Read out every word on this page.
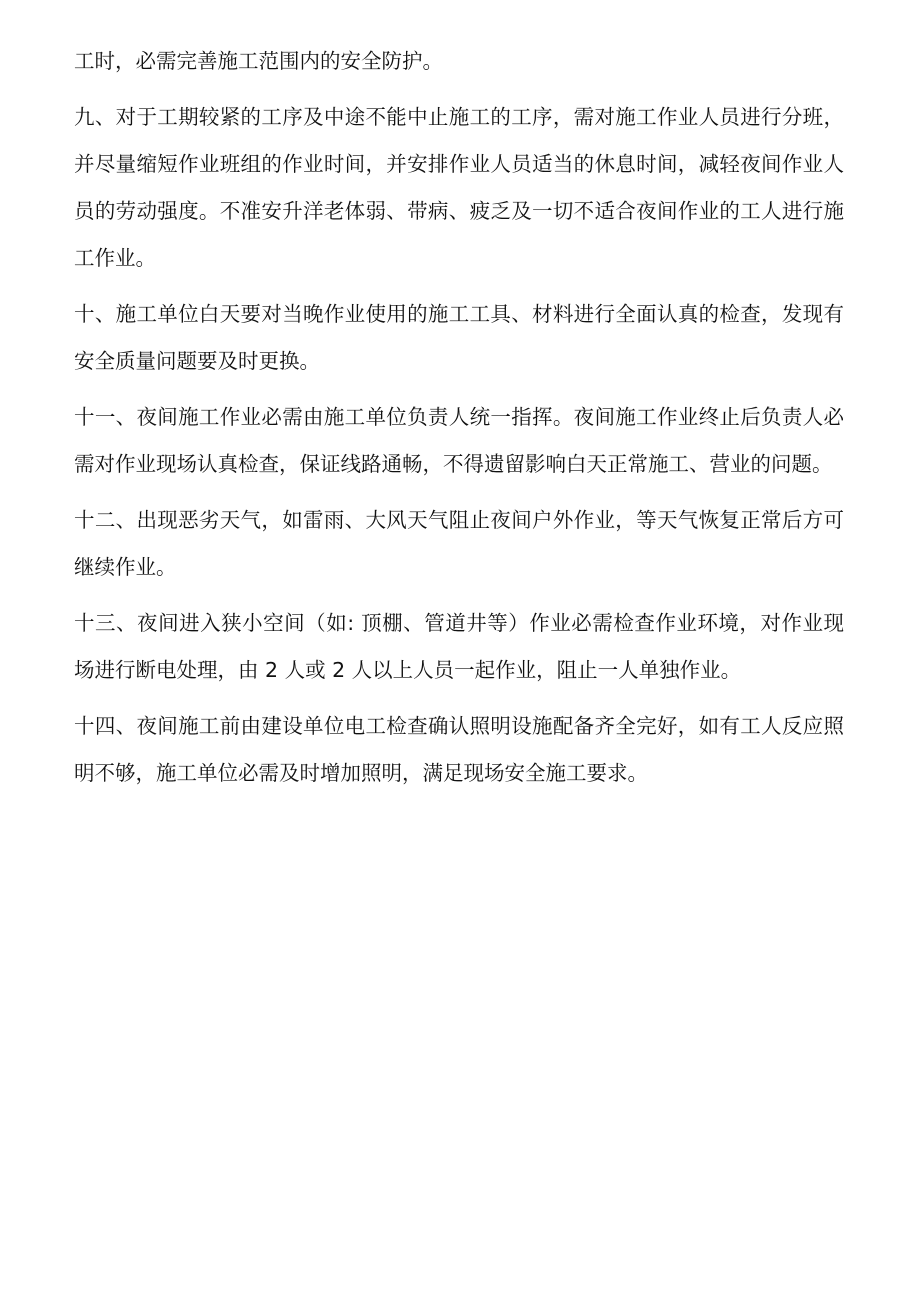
工时，必需完善施工范围内的安全防护。

九、对于工期较紧的工序及中途不能中止施工的工序，需对施工作业人员进行分班，并尽量缩短作业班组的作业时间，并安排作业人员适当的休息时间，减轻夜间作业人员的劳动强度。不准安升洋老体弱、带病、疲乏及一切不适合夜间作业的工人进行施工作业。

十、施工单位白天要对当晚作业使用的施工工具、材料进行全面认真的检查，发现有安全质量问题要及时更换。

十一、夜间施工作业必需由施工单位负责人统一指挥。夜间施工作业终止后负责人必需对作业现场认真检查，保证线路通畅，不得遗留影响白天正常施工、营业的问题。

十二、出现恶劣天气，如雷雨、大风天气阻止夜间户外作业，等天气恢复正常后方可继续作业。

十三、夜间进入狭小空间（如: 顶棚、管道井等）作业必需检查作业环境，对作业现场进行断电处理，由 2 人或 2 人以上人员一起作业，阻止一人单独作业。

十四、夜间施工前由建设单位电工检查确认照明设施配备齐全完好，如有工人反应照明不够，施工单位必需及时增加照明，满足现场安全施工要求。
